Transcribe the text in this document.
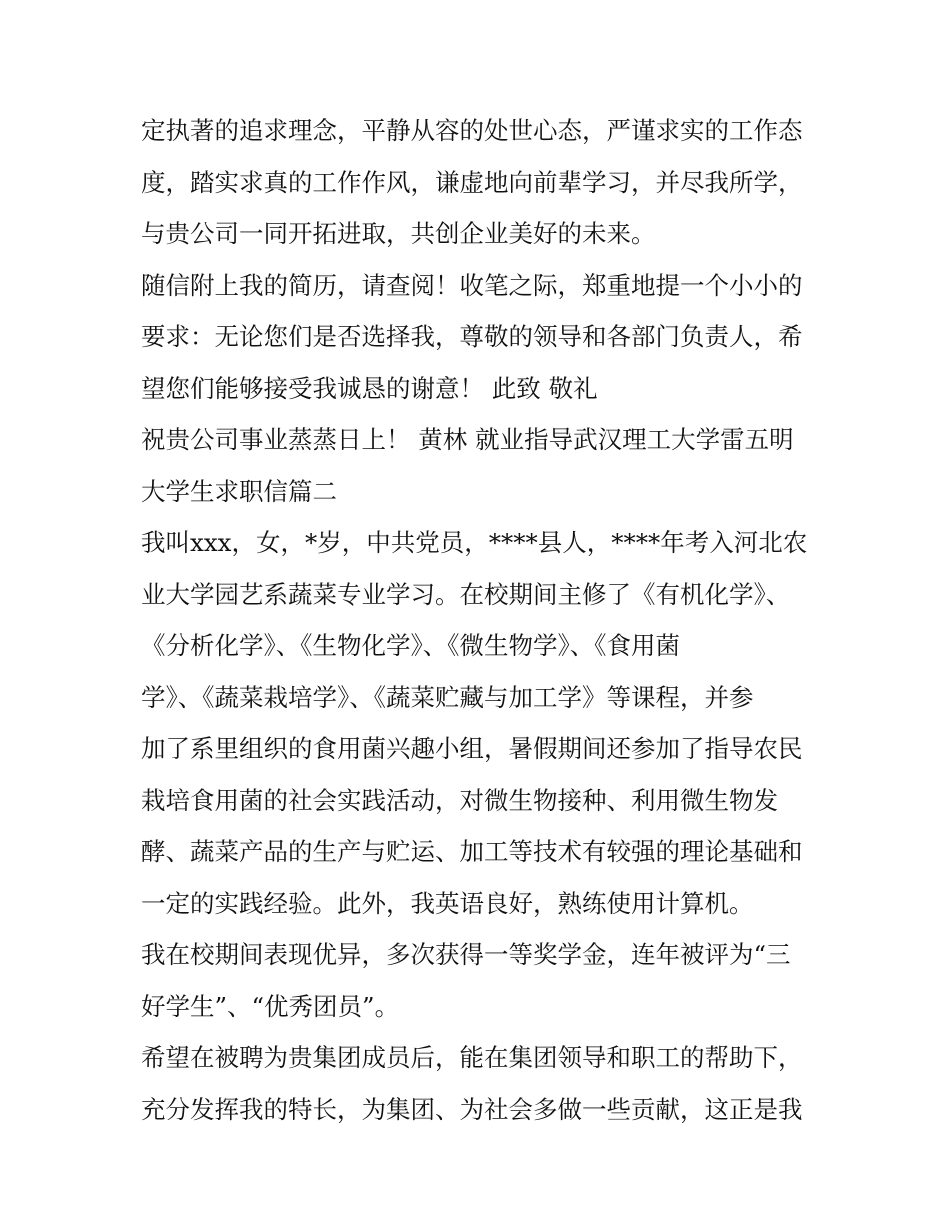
定执著的追求理念，平静从容的处世心态，严谨求实的工作态
度，踏实求真的工作作风，谦虚地向前辈学习，并尽我所学，
与贵公司一同开拓进取，共创企业美好的未来。
随信附上我的简历，请查阅！收笔之际，郑重地提一个小小的
要求：无论您们是否选择我，尊敬的领导和各部门负责人，希
望您们能够接受我诚恳的谢意！ 此致 敬礼
祝贵公司事业蒸蒸日上！ 黄林 就业指导武汉理工大学雷五明
大学生求职信篇二
我叫xxx，女，*岁，中共党员，****县人，****年考入河北农
业大学园艺系蔬菜专业学习。在校期间主修了《有机化学》、
《分析化学》、《生物化学》、《微生物学》、《食用菌
学》、《蔬菜栽培学》、《蔬菜贮藏与加工学》等课程，并参
加了系里组织的食用菌兴趣小组，暑假期间还参加了指导农民
栽培食用菌的社会实践活动，对微生物接种、利用微生物发
酵、蔬菜产品的生产与贮运、加工等技术有较强的理论基础和
一定的实践经验。此外，我英语良好，熟练使用计算机。
我在校期间表现优异，多次获得一等奖学金，连年被评为“三
好学生”、“优秀团员”。
希望在被聘为贵集团成员后，能在集团领导和职工的帮助下，
充分发挥我的特长，为集团、为社会多做一些贡献，这正是我
